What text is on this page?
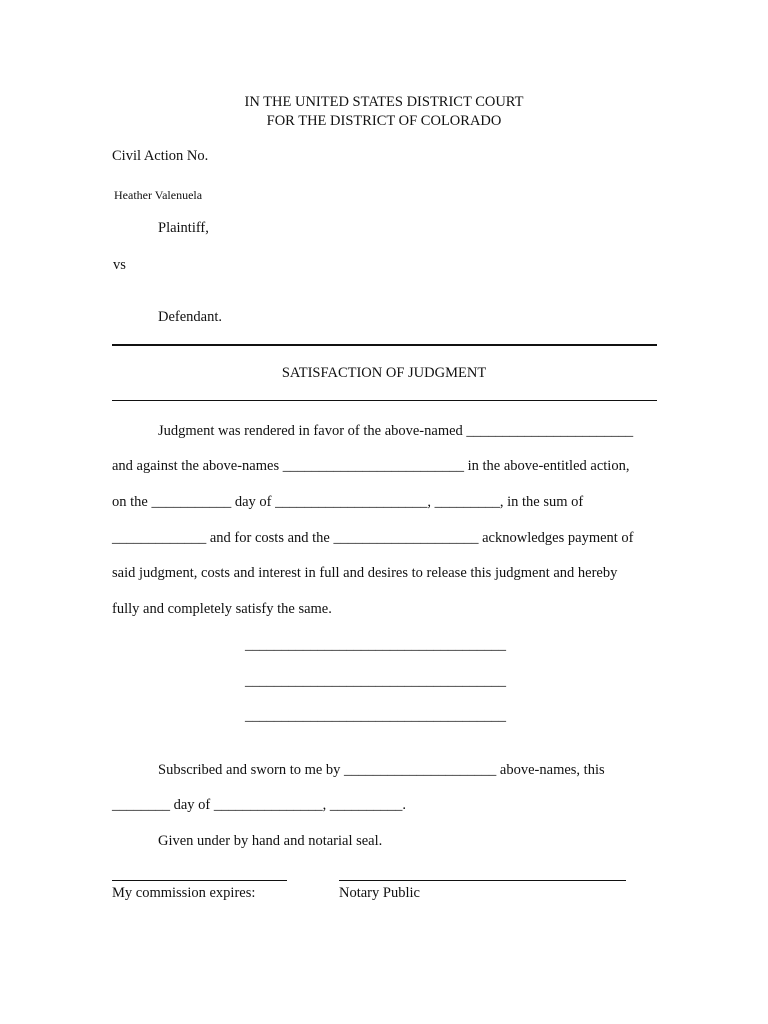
IN THE UNITED STATES DISTRICT COURT
FOR THE DISTRICT OF COLORADO
Civil Action No.
Heather Valenuela
Plaintiff,
vs
Defendant.
SATISFACTION OF JUDGMENT
Judgment was rendered in favor of the above-named _______________________
and against the above-names _________________________ in the above-entitled action,
on the ___________ day of _____________________, _________, in the sum of
_____________ and for costs and the ____________________ acknowledges payment of
said judgment, costs and interest in full and desires to release this judgment and hereby
fully and completely satisfy the same.
____________________________________
____________________________________
____________________________________
Subscribed and sworn to me by _____________________ above-names, this
________ day of _______________, __________.
Given under by hand and notarial seal.
My commission expires:	Notary Public
